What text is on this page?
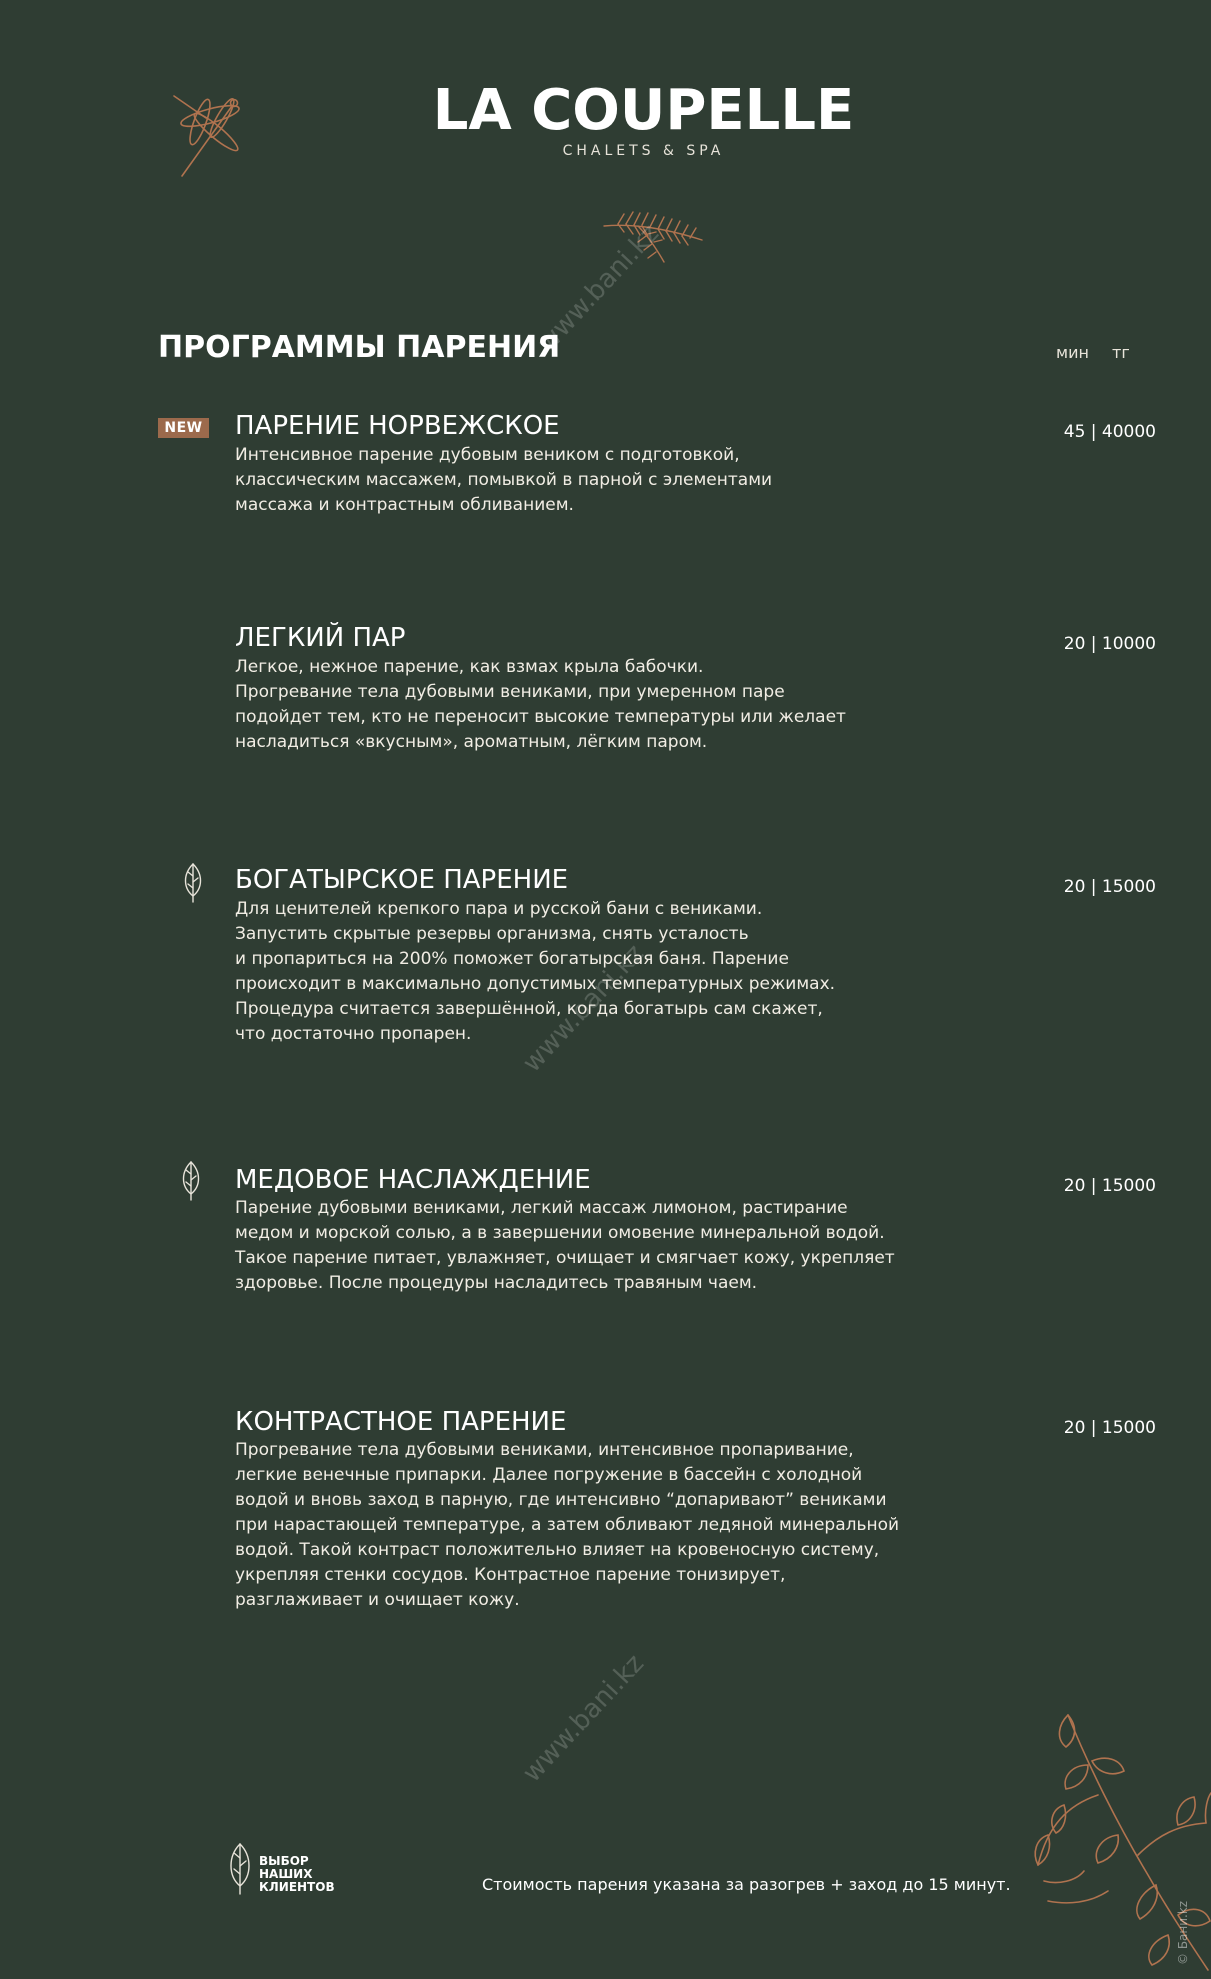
LA COUPELLE
CHALETS & SPA
www.bani.kz
www.bani.kz
www.bani.kz
ПРОГРАММЫ ПАРЕНИЯ	мин тг
NEW ПАРЕНИЕ НОРВЕЖСКОЕ
Интенсивное парение дубовым веником с подготовкой,
классическим массажем, помывкой в парной с элементами
массажа и контрастным обливанием.
45 | 40000
ЛЕГКИЙ ПАР
Легкое, нежное парение, как взмах крыла бабочки.
Прогревание тела дубовыми вениками, при умеренном паре
подойдет тем, кто не переносит высокие температуры или желает
насладиться «вкусным», ароматным, лёгким паром.
20 | 10000
БОГАТЫРСКОЕ ПАРЕНИЕ
Для ценителей крепкого пара и русской бани с вениками.
Запустить скрытые резервы организма, снять усталость
и пропариться на 200% поможет богатырская баня. Парение
происходит в максимально допустимых температурных режимах.
Процедура считается завершённой, когда богатырь сам скажет,
что достаточно пропарен.
20 | 15000
МЕДОВОЕ НАСЛАЖДЕНИЕ
Парение дубовыми вениками, легкий массаж лимоном, растирание
медом и морской солью, а в завершении омовение минеральной водой.
Такое парение питает, увлажняет, очищает и смягчает кожу, укрепляет
здоровье. После процедуры насладитесь травяным чаем.
20 | 15000
КОНТРАСТНОЕ ПАРЕНИЕ
Прогревание тела дубовыми вениками, интенсивное пропаривание,
легкие венечные припарки. Далее погружение в бассейн с холодной
водой и вновь заход в парную, где интенсивно “допаривают” вениками
при нарастающей температуре, а затем обливают ледяной минеральной
водой. Такой контраст положительно влияет на кровеносную систему,
укрепляя стенки сосудов. Контрастное парение тонизирует,
разглаживает и очищает кожу.
20 | 15000
ВЫБОР
НАШИХ
КЛИЕНТОВ	Стоимость парения указана за разогрев + заход до 15 минут.
© Бани.kz
